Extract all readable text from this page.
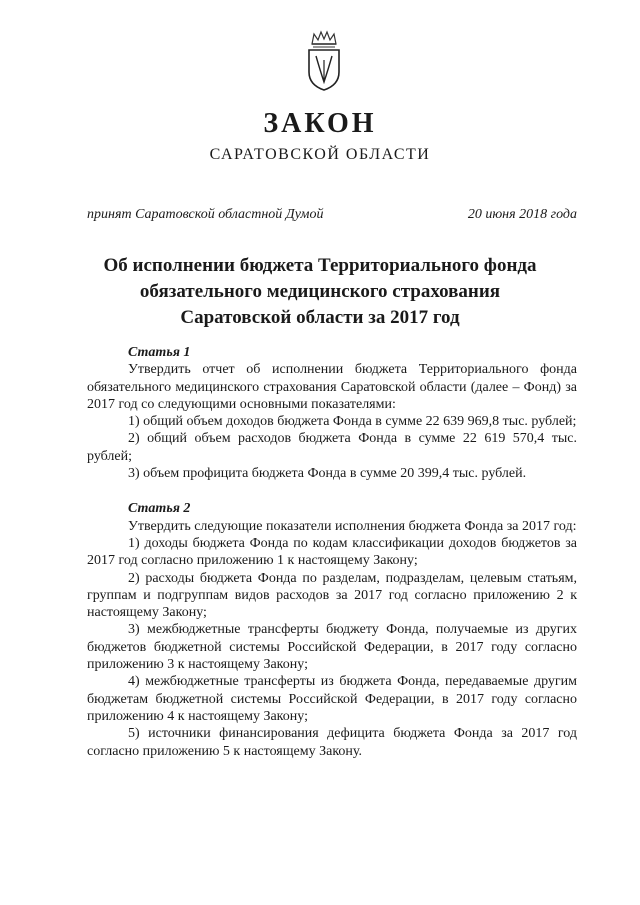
ЗАКОН
САРАТОВСКОЙ ОБЛАСТИ
принят Саратовской областной Думой	20 июня 2018 года
Об исполнении бюджета Территориального фонда
обязательного медицинского страхования
Саратовской области за 2017 год
Статья 1

Утвердить отчет об исполнении бюджета Территориального фонда обязательного медицинского страхования Саратовской области (далее – Фонд) за 2017 год со следующими основными показателями:

1) общий объем доходов бюджета Фонда в сумме 22 639 969,8 тыс. рублей;

2) общий объем расходов бюджета Фонда в сумме 22 619 570,4 тыс. рублей;

3) объем профицита бюджета Фонда в сумме 20 399,4 тыс. рублей.

Статья 2

Утвердить следующие показатели исполнения бюджета Фонда за 2017 год:

1) доходы бюджета Фонда по кодам классификации доходов бюджетов за 2017 год согласно приложению 1 к настоящему Закону;

2) расходы бюджета Фонда по разделам, подразделам, целевым статьям, группам и подгруппам видов расходов за 2017 год согласно приложению 2 к настоящему Закону;

3) межбюджетные трансферты бюджету Фонда, получаемые из других бюджетов бюджетной системы Российской Федерации, в 2017 году согласно приложению 3 к настоящему Закону;

4) межбюджетные трансферты из бюджета Фонда, передаваемые другим бюджетам бюджетной системы Российской Федерации, в 2017 году согласно приложению 4 к настоящему Закону;

5) источники финансирования дефицита бюджета Фонда за 2017 год согласно приложению 5 к настоящему Закону.
